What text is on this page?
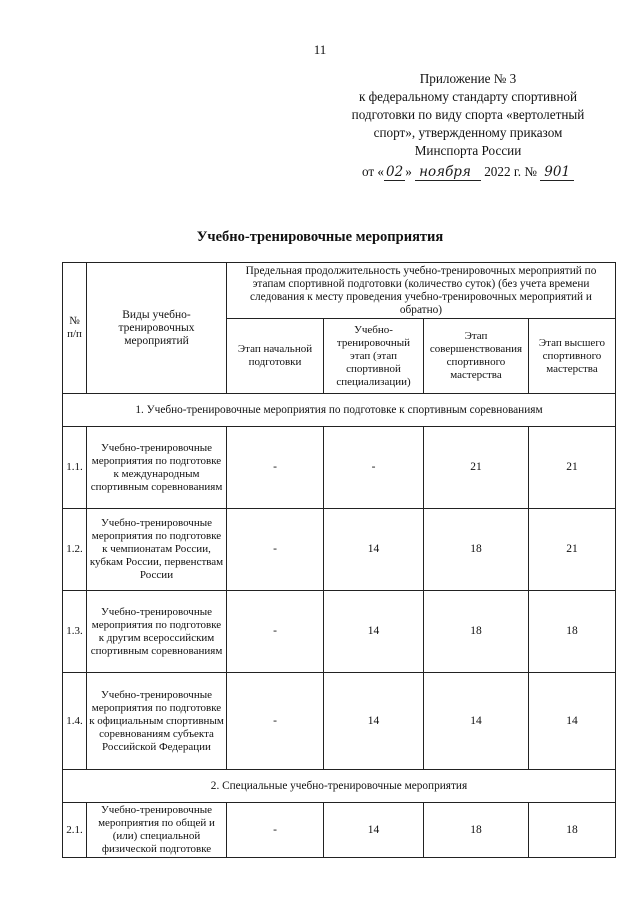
11
Приложение № 3
к федеральному стандарту спортивной
подготовки по виду спорта «вертолетный
спорт», утвержденному приказом
Минспорта России
от « 02 » ноября 2022 г. № 901
Учебно-тренировочные мероприятия
№ п/п	Виды учебно-тренировочных мероприятий	Предельная продолжительность учебно-тренировочных мероприятий по этапам спортивной подготовки (количество суток) (без учета времени следования к месту проведения учебно-тренировочных мероприятий и обратно)			
		Этап начальной подготовки	Учебно-тренировочный этап (этап спортивной специализации)	Этап совершенствования спортивного мастерства	Этап высшего спортивного мастерства
1. Учебно-тренировочные мероприятия по подготовке к спортивным соревнованиям					
1.1.	Учебно-тренировочные мероприятия по подготовке к международным спортивным соревнованиям	-	-	21	21
1.2.	Учебно-тренировочные мероприятия по подготовке к чемпионатам России, кубкам России, первенствам России	-	14	18	21
1.3.	Учебно-тренировочные мероприятия по подготовке к другим всероссийским спортивным соревнованиям	-	14	18	18
1.4.	Учебно-тренировочные мероприятия по подготовке к официальным спортивным соревнованиям субъекта Российской Федерации	-	14	14	14
2. Специальные учебно-тренировочные мероприятия					
2.1.	Учебно-тренировочные мероприятия по общей и (или) специальной физической подготовке	-	14	18	18
